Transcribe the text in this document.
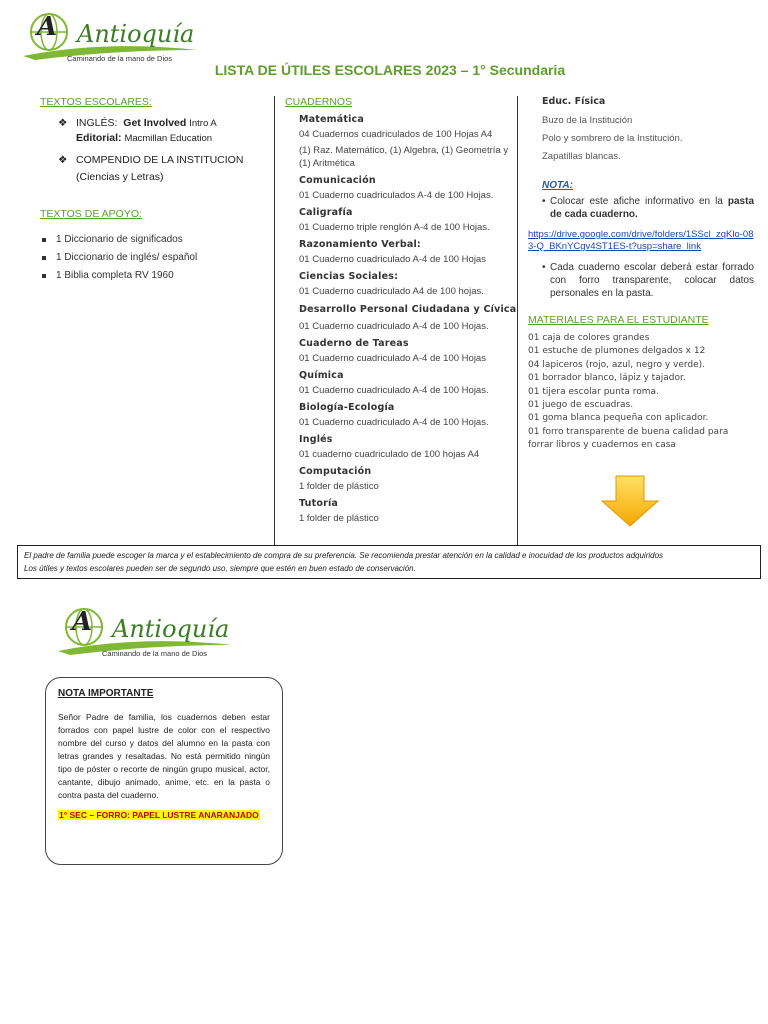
A Antioquía
Caminando de la mano de Dios
LISTA DE ÚTILES ESCOLARES 2023 – 1° Secundaria
TEXTOS ESCOLARES:
❖ INGLÉS: Get Involved Intro A
Editorial: Macmillan Education
❖ COMPENDIO DE LA INSTITUCION
(Ciencias y Letras)
TEXTOS DE APOYO:
1 Diccionario de significados
1 Diccionario de inglés/ español
1 Biblia completa RV 1960
CUADERNOS
Matemática
04 Cuadernos cuadriculados de 100 Hojas A4
(1) Raz. Matemático, (1) Algebra, (1) Geometría y (1) Aritmética
Comunicación
01 Cuaderno cuadriculados A-4 de 100 Hojas.
Caligrafía
01 Cuaderno triple renglón A-4 de 100 Hojas.
Razonamiento Verbal:
01 Cuaderno cuadriculado A-4 de 100 Hojas
Ciencias Sociales:
01 Cuaderno cuadriculado A4 de 100 hojas.
Desarrollo Personal Ciudadana y Cívica
01 Cuaderno cuadriculado A-4 de 100 Hojas.
Cuaderno de Tareas
01 Cuaderno cuadriculado A-4 de 100 Hojas
Química
01 Cuaderno cuadriculado A-4 de 100 Hojas.
Biología-Ecología
01 Cuaderno cuadriculado A-4 de 100 Hojas.
Inglés
01 cuaderno cuadriculado de 100 hojas A4
Computación
1 folder de plástico
Tutoría
1 folder de plástico
Educ. Física
Buzo de la Institución
Polo y sombrero de la Institución.
Zapatillas blancas.
NOTA:
• Colocar este afiche informativo en la pasta de cada cuaderno.
https://drive.google.com/drive/folders/1SScl_zqKlo-083-Q_BKnYCgv4ST1ES-t?usp=share_link
• Cada cuaderno escolar deberá estar forrado con forro transparente, colocar datos personales en la pasta.
MATERIALES PARA EL ESTUDIANTE
01 caja de colores grandes
01 estuche de plumones delgados x 12
04 lapiceros (rojo, azul, negro y verde).
01 borrador blanco, lápiz y tajador.
01 tijera escolar punta roma.
01 juego de escuadras.
01 goma blanca pequeña con aplicador.
01 forro transparente de buena calidad para forrar libros y cuadernos en casa
El padre de familia puede escoger la marca y el establecimiento de compra de su preferencia. Se recomienda prestar atención en la calidad e inocuidad de los productos adquiridos
Los útiles y textos escolares pueden ser de segundo uso, siempre que estén en buen estado de conservación.
A Antioquía
Caminando de la mano de Dios
NOTA IMPORTANTE
Señor Padre de familia, los cuadernos deben estar forrados con papel lustre de color con el respectivo nombre del curso y datos del alumno en la pasta con letras grandes y resaltadas. No está permitido ningún tipo de póster o recorte de ningún grupo musical, actor, cantante, dibujo animado, anime, etc. en la pasta o contra pasta del cuaderno.
1° SEC – FORRO: PAPEL LUSTRE ANARANJADO
